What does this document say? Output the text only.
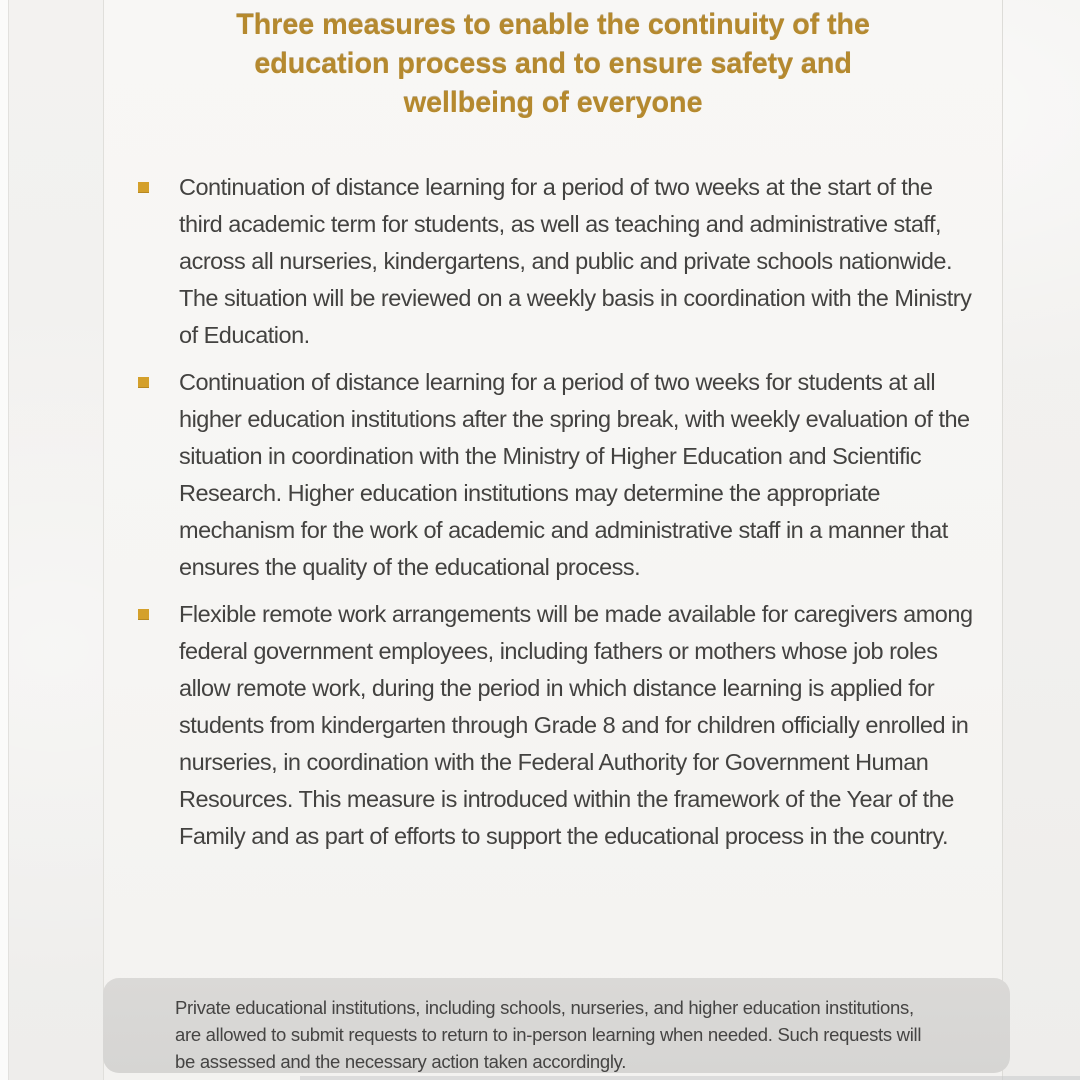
Three measures to enable the continuity of the
education process and to ensure safety and
wellbeing of everyone

Continuation of distance learning for a period of two weeks at the start of the third academic term for students, as well as teaching and administrative staff, across all nurseries, kindergartens, and public and private schools nationwide. The situation will be reviewed on a weekly basis in coordination with the Ministry of Education.

Continuation of distance learning for a period of two weeks for students at all higher education institutions after the spring break, with weekly evaluation of the situation in coordination with the Ministry of Higher Education and Scientific Research. Higher education institutions may determine the appropriate mechanism for the work of academic and administrative staff in a manner that ensures the quality of the educational process.

Flexible remote work arrangements will be made available for caregivers among federal government employees, including fathers or mothers whose job roles allow remote work, during the period in which distance learning is applied for students from kindergarten through Grade 8 and for children officially enrolled in nurseries, in coordination with the Federal Authority for Government Human Resources. This measure is introduced within the framework of the Year of the Family and as part of efforts to support the educational process in the country.

Private educational institutions, including schools, nurseries, and higher education institutions, are allowed to submit requests to return to in-person learning when needed. Such requests will be assessed and the necessary action taken accordingly.
